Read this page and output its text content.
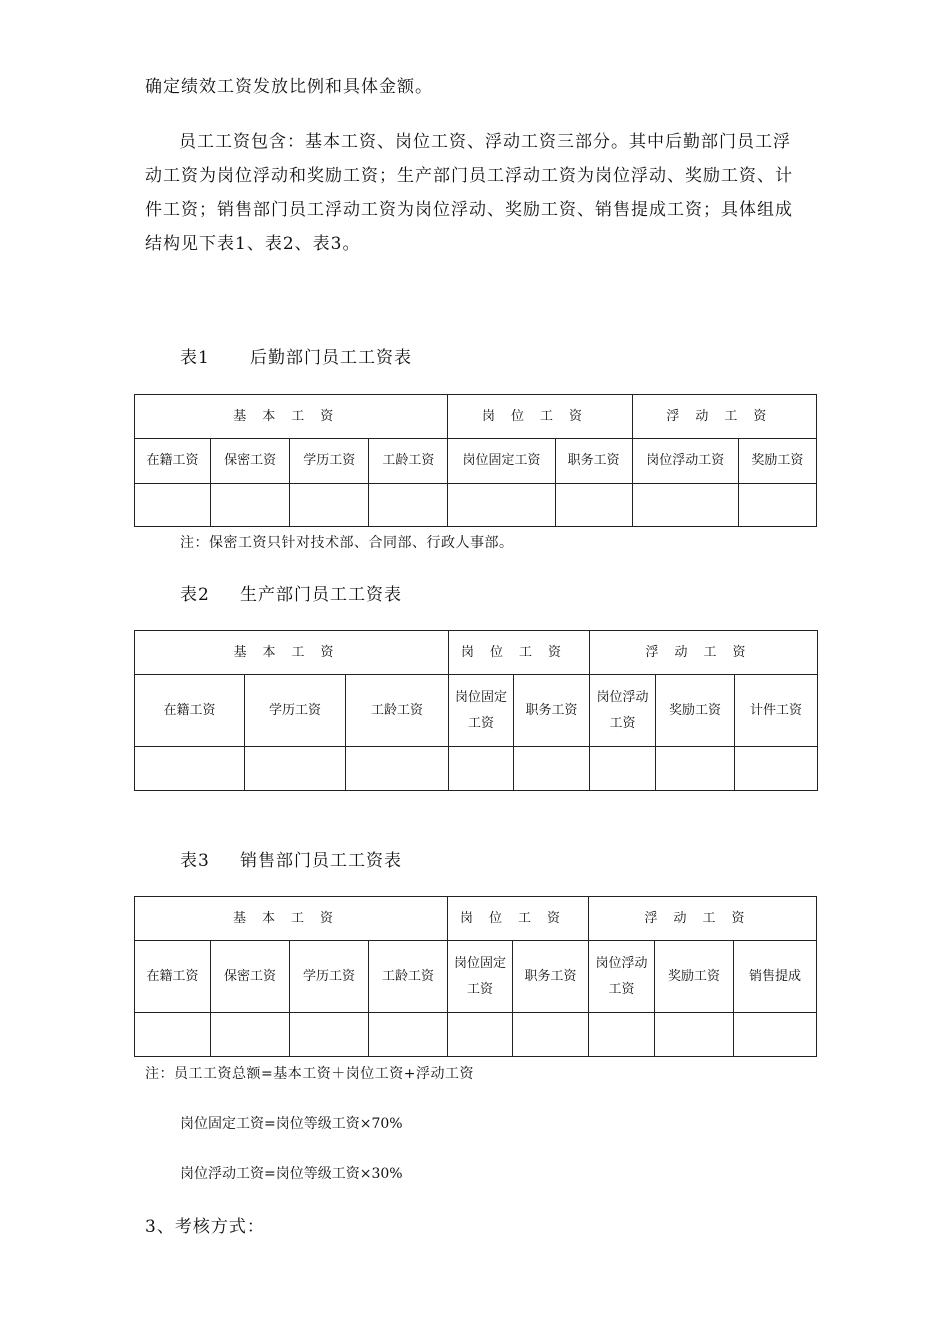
确定绩效工资发放比例和具体金额。

员工工资包含：基本工资、岗位工资、浮动工资三部分。其中后勤部门员工浮动工资为岗位浮动和奖励工资；生产部门员工浮动工资为岗位浮动、奖励工资、计件工资；销售部门员工浮动工资为岗位浮动、奖励工资、销售提成工资；具体组成结构见下表1、表2、表3。

表1 后勤部门员工工资表

基本工资				岗位工资		浮动工资	
在籍工资	保密工资	学历工资	工龄工资	岗位固定工资	职务工资	岗位浮动工资	奖励工资

注：保密工资只针对技术部、合同部、行政人事部。

表2 生产部门员工工资表

基本工资			岗位工资		浮动工资		
在籍工资	学历工资	工龄工资	岗位固定工资	职务工资	岗位浮动工资	奖励工资	计件工资

表3 销售部门员工工资表

基本工资				岗位工资		浮动工资		
在籍工资	保密工资	学历工资	工龄工资	岗位固定工资	职务工资	岗位浮动工资	奖励工资	销售提成

注：员工工资总额=基本工资＋岗位工资+浮动工资

岗位固定工资=岗位等级工资×70%

岗位浮动工资=岗位等级工资×30%

3、考核方式：
